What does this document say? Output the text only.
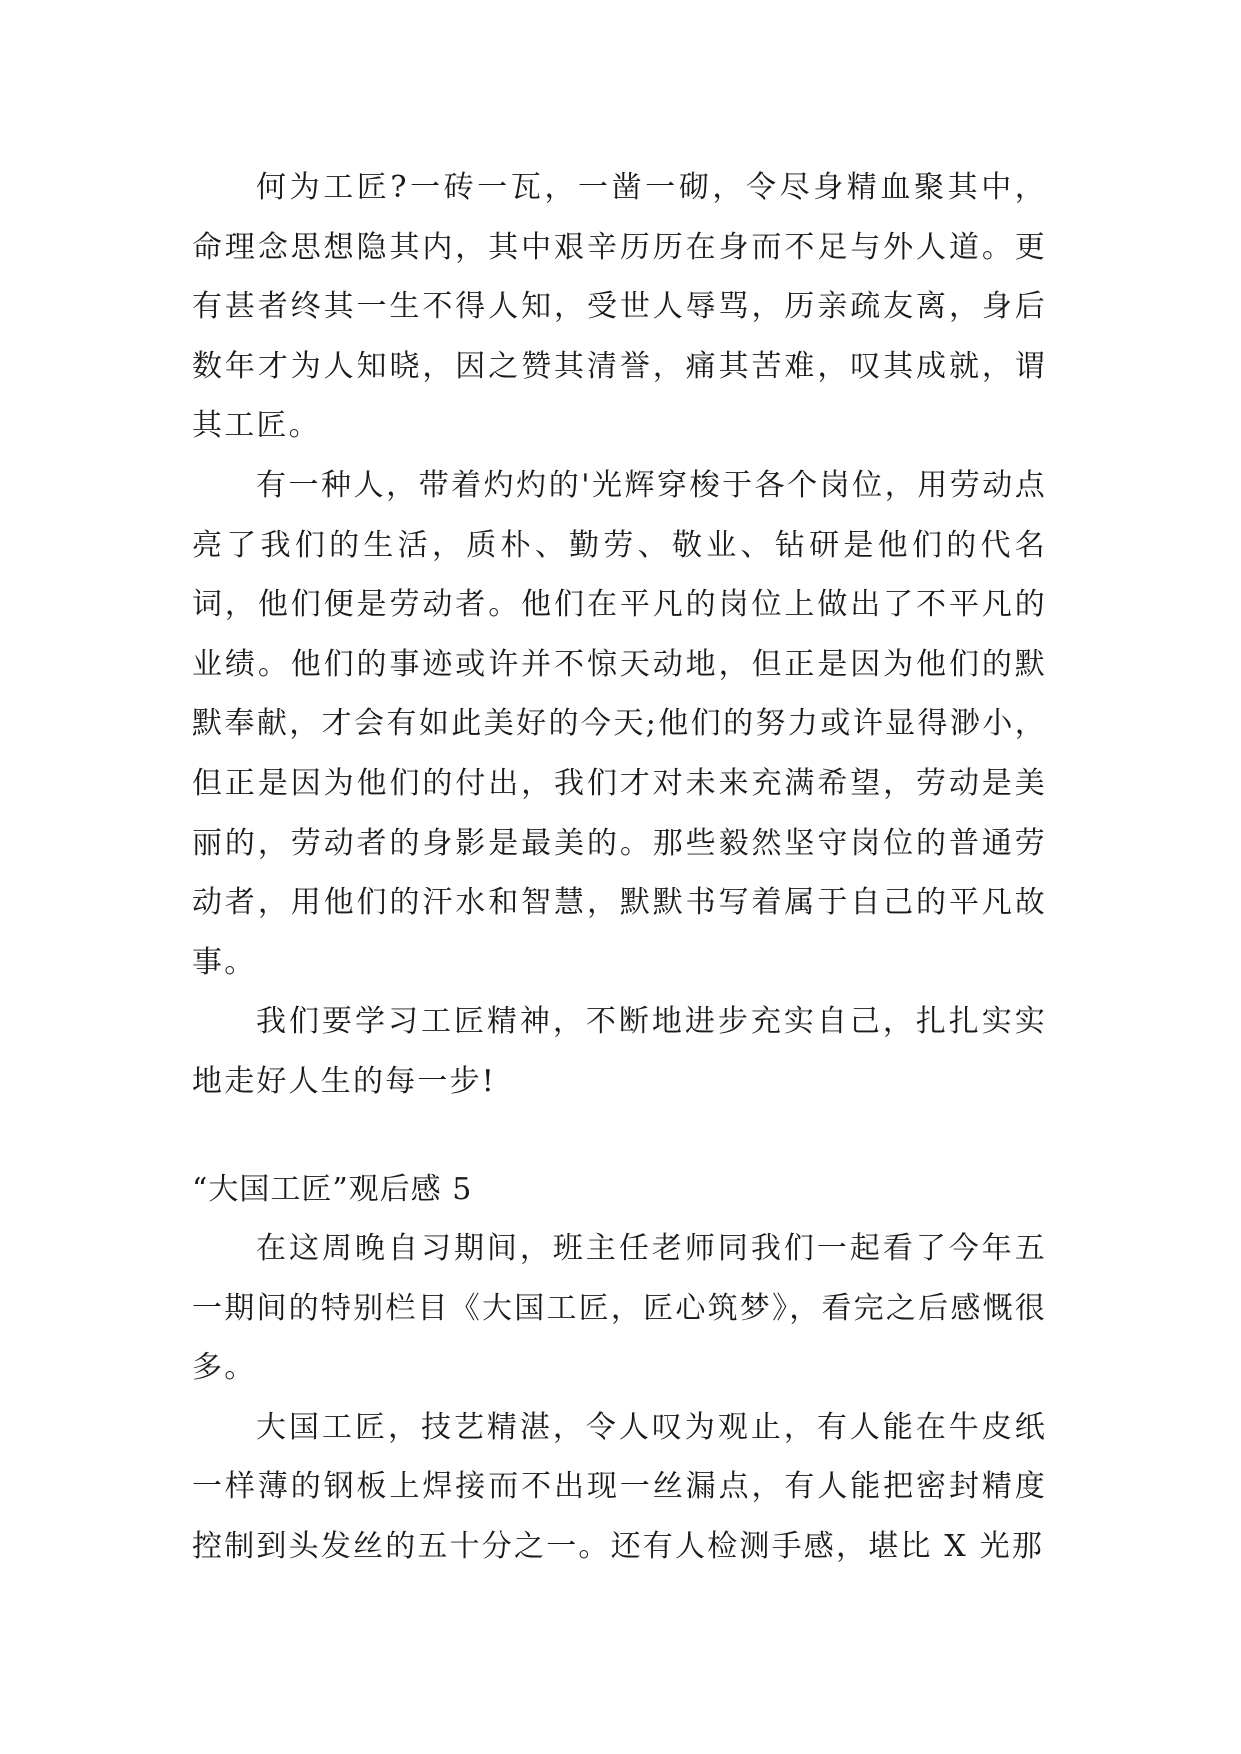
何为工匠?一砖一瓦，一凿一砌，令尽身精血聚其中，命理念思想隐其内，其中艰辛历历在身而不足与外人道。更有甚者终其一生不得人知，受世人辱骂，历亲疏友离，身后数年才为人知晓，因之赞其清誉，痛其苦难，叹其成就，谓其工匠。

有一种人，带着灼灼的'光辉穿梭于各个岗位，用劳动点亮了我们的生活，质朴、勤劳、敬业、钻研是他们的代名词，他们便是劳动者。他们在平凡的岗位上做出了不平凡的业绩。他们的事迹或许并不惊天动地，但正是因为他们的默默奉献，才会有如此美好的今天;他们的努力或许显得渺小，但正是因为他们的付出，我们才对未来充满希望，劳动是美丽的，劳动者的身影是最美的。那些毅然坚守岗位的普通劳动者，用他们的汗水和智慧，默默书写着属于自己的平凡故事。

我们要学习工匠精神，不断地进步充实自己，扎扎实实地走好人生的每一步!

“大国工匠”观后感 5

在这周晚自习期间，班主任老师同我们一起看了今年五一期间的特别栏目《大国工匠，匠心筑梦》，看完之后感慨很多。

大国工匠，技艺精湛，令人叹为观止，有人能在牛皮纸一样薄的钢板上焊接而不出现一丝漏点，有人能把密封精度控制到头发丝的五十分之一。还有人检测手感，堪比 X 光那
